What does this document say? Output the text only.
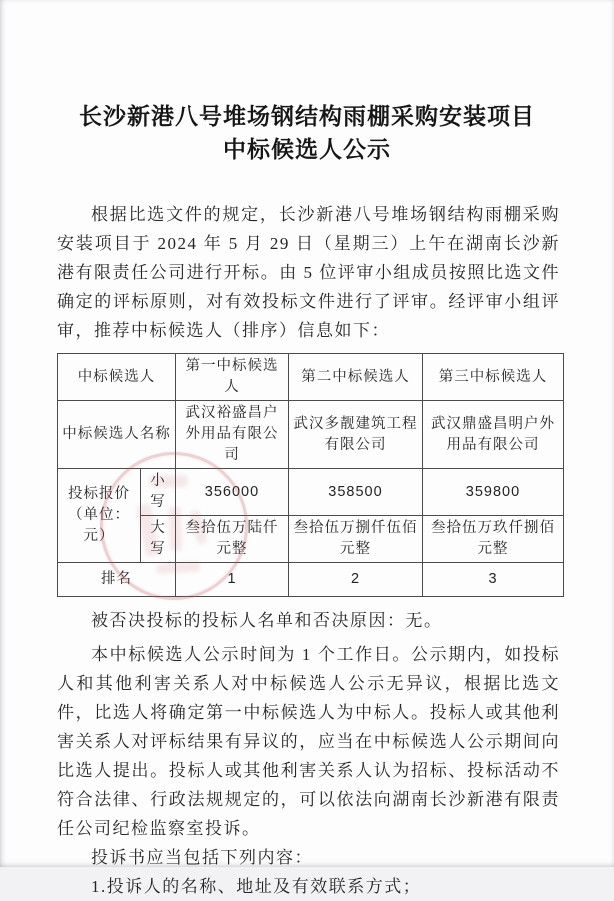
长沙新港八号堆场钢结构雨棚采购安装项目
中标候选人公示

根据比选文件的规定，长沙新港八号堆场钢结构雨棚采购安装项目于 2024 年 5 月 29 日（星期三）上午在湖南长沙新港有限责任公司进行开标。由 5 位评审小组成员按照比选文件确定的评标原则，对有效投标文件进行了评审。经评审小组评审，推荐中标候选人（排序）信息如下：

中标候选人		第一中标候选人	第二中标候选人	第三中标候选人
中标候选人名称		武汉裕盛昌户外用品有限公司	武汉多靓建筑工程有限公司	武汉鼎盛昌明户外用品有限公司
投标报价
（单位：元）	小写	356000	358500	359800
	大写	叁拾伍万陆仟元整	叁拾伍万捌仟伍佰元整	叁拾伍万玖仟捌佰元整
排名		1	2	3

被否决投标的投标人名单和否决原因：无。

本中标候选人公示时间为 1 个工作日。公示期内，如投标人和其他利害关系人对中标候选人公示无异议，根据比选文件，比选人将确定第一中标候选人为中标人。投标人或其他利害关系人对评标结果有异议的，应当在中标候选人公示期间向比选人提出。投标人或其他利害关系人认为招标、投标活动不符合法律、行政法规规定的，可以依法向湖南长沙新港有限责任公司纪检监察室投诉。

投诉书应当包括下列内容：

1.投诉人的名称、地址及有效联系方式；
